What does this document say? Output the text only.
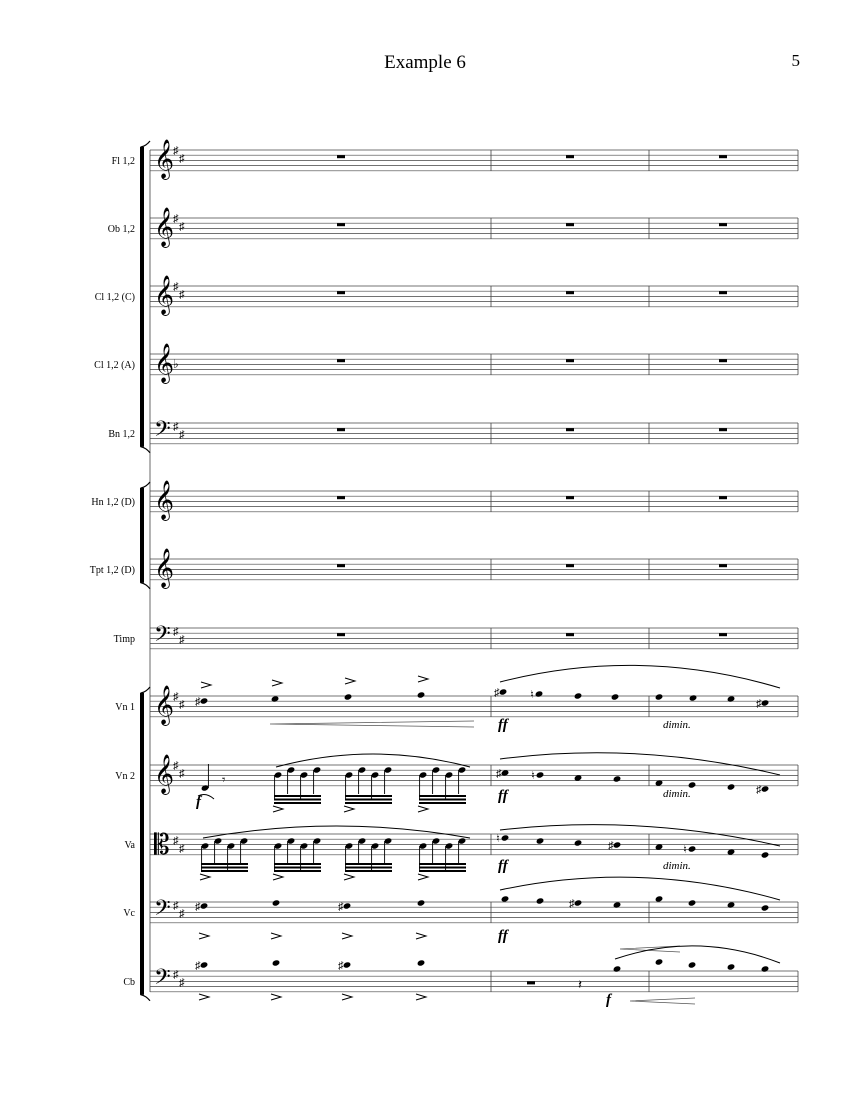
Example 6	5
Fl 1,2
Ob 1,2
Cl 1,2 (C)
Cl 1,2 (A)
Bn 1,2
Hn 1,2 (D)
Tpt 1,2 (D)
Timp
Vn 1
Vn 2
Va
Vc
Cb
𝄞
♯
♯
𝄞
♯
♯
𝄞
♯
♯
𝄞
♭
𝄢 ♯
♯
𝄞
𝄞
𝄢 ♯
♯
𝄞
♯
♯
𝄞
♯
♯
𝄡 ♯
♯
𝄢 ♯
♯
𝄢 ♯
♯
♯
♯	♮
♯
𝄾	♯	♮
♯
♮
♯	♮
♯	♯	♯
♯	♯
𝄽
ff	dimin.
f	ff	dimin.
ff	dimin.
ff
f
